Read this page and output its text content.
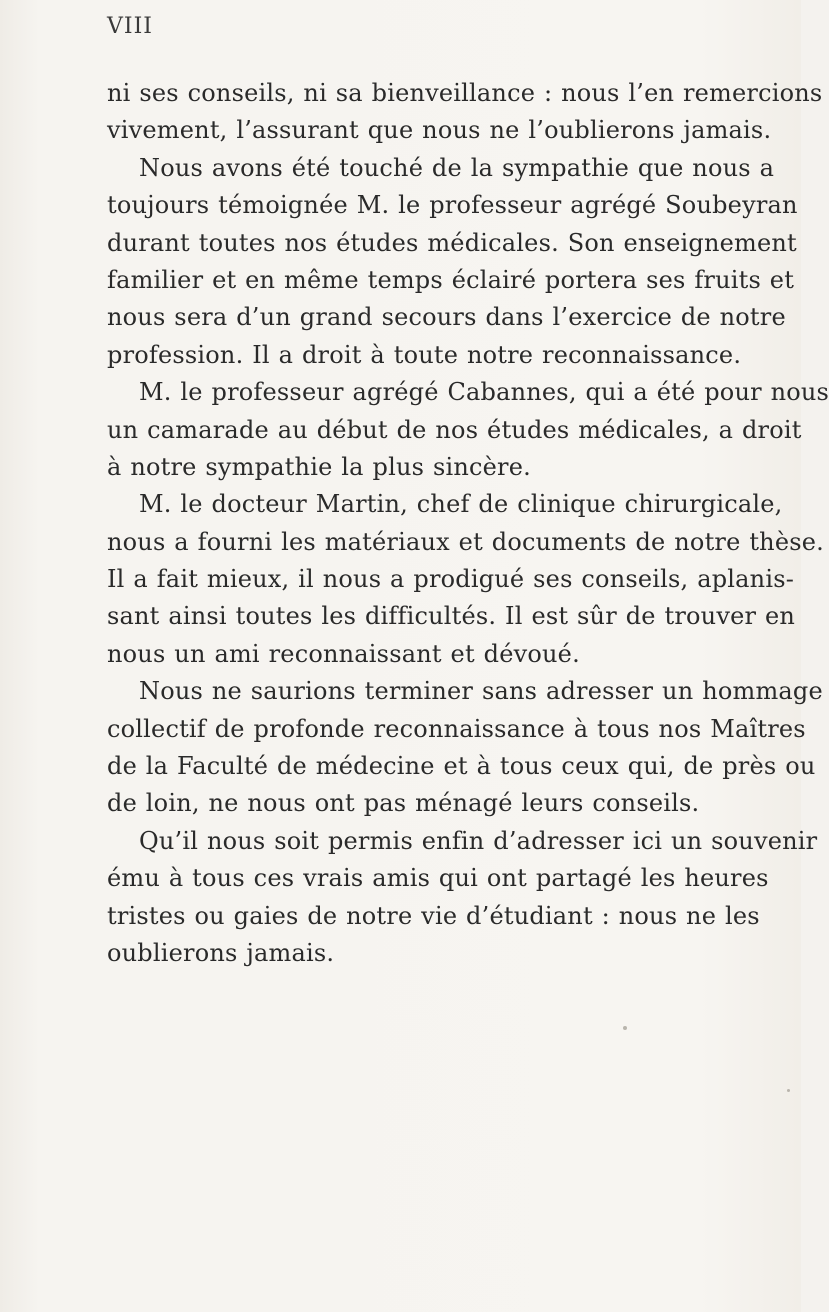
VIII
ni ses conseils, ni sa bienveillance : nous l’en remercions
vivement, l’assurant que nous ne l’oublierons jamais.
Nous avons été touché de la sympathie que nous a
toujours témoignée M. le professeur agrégé Soubeyran
durant toutes nos études médicales. Son enseignement
familier et en même temps éclairé portera ses fruits et
nous sera d’un grand secours dans l’exercice de notre
profession. Il a droit à toute notre reconnaissance.
M. le professeur agrégé Cabannes, qui a été pour nous
un camarade au début de nos études médicales, a droit
à notre sympathie la plus sincère.
M. le docteur Martin, chef de clinique chirurgicale,
nous a fourni les matériaux et documents de notre thèse.
Il a fait mieux, il nous a prodigué ses conseils, aplanis-
sant ainsi toutes les difficultés. Il est sûr de trouver en
nous un ami reconnaissant et dévoué.
Nous ne saurions terminer sans adresser un hommage
collectif de profonde reconnaissance à tous nos Maîtres
de la Faculté de médecine et à tous ceux qui, de près ou
de loin, ne nous ont pas ménagé leurs conseils.
Qu’il nous soit permis enfin d’adresser ici un souvenir
ému à tous ces vrais amis qui ont partagé les heures
tristes ou gaies de notre vie d’étudiant : nous ne les
oublierons jamais.
